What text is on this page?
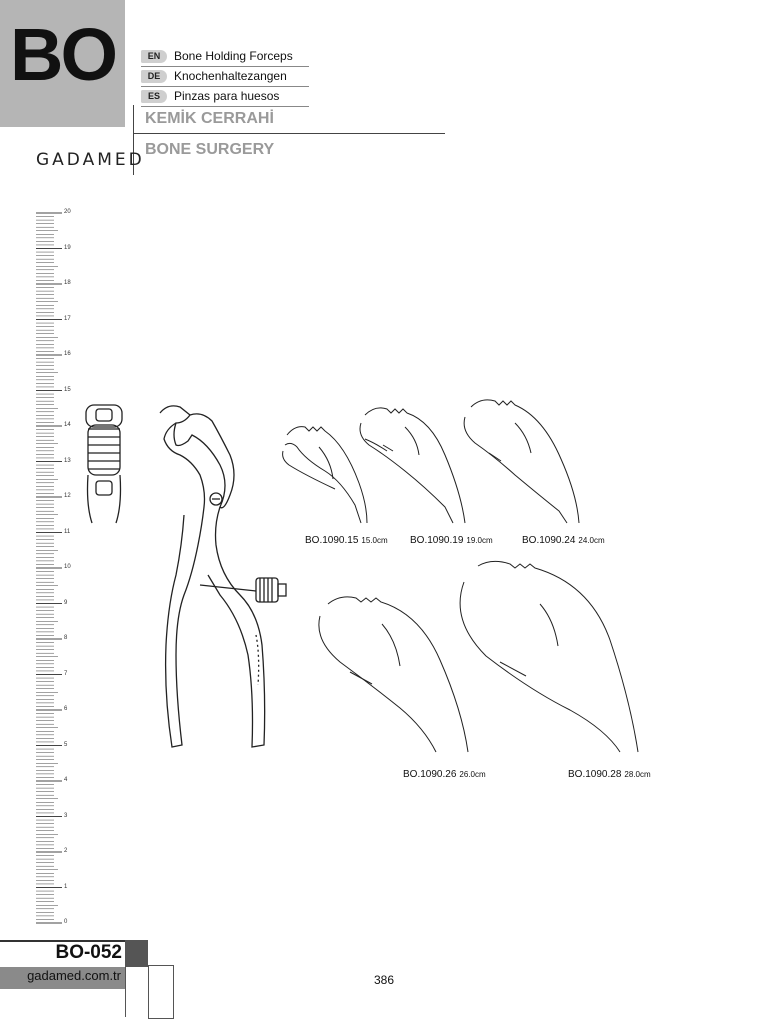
BO	EN	Bone Holding Forceps
DE	Knochenhaltezangen
ES	Pinzas para huesos
KEMİK CERRAHİ
BONE SURGERY
GADAMED
20
19
18
17
16
15
14
13
12
11
10
9
8
7
6
5
4
3
2
1
0
BO.1090.15 15.0cm BO.1090.19 19.0cm	BO.1090.24 24.0cm
BO.1090.26 26.0cm	BO.1090.28 28.0cm
BO-052
gadamed.com.tr	386
